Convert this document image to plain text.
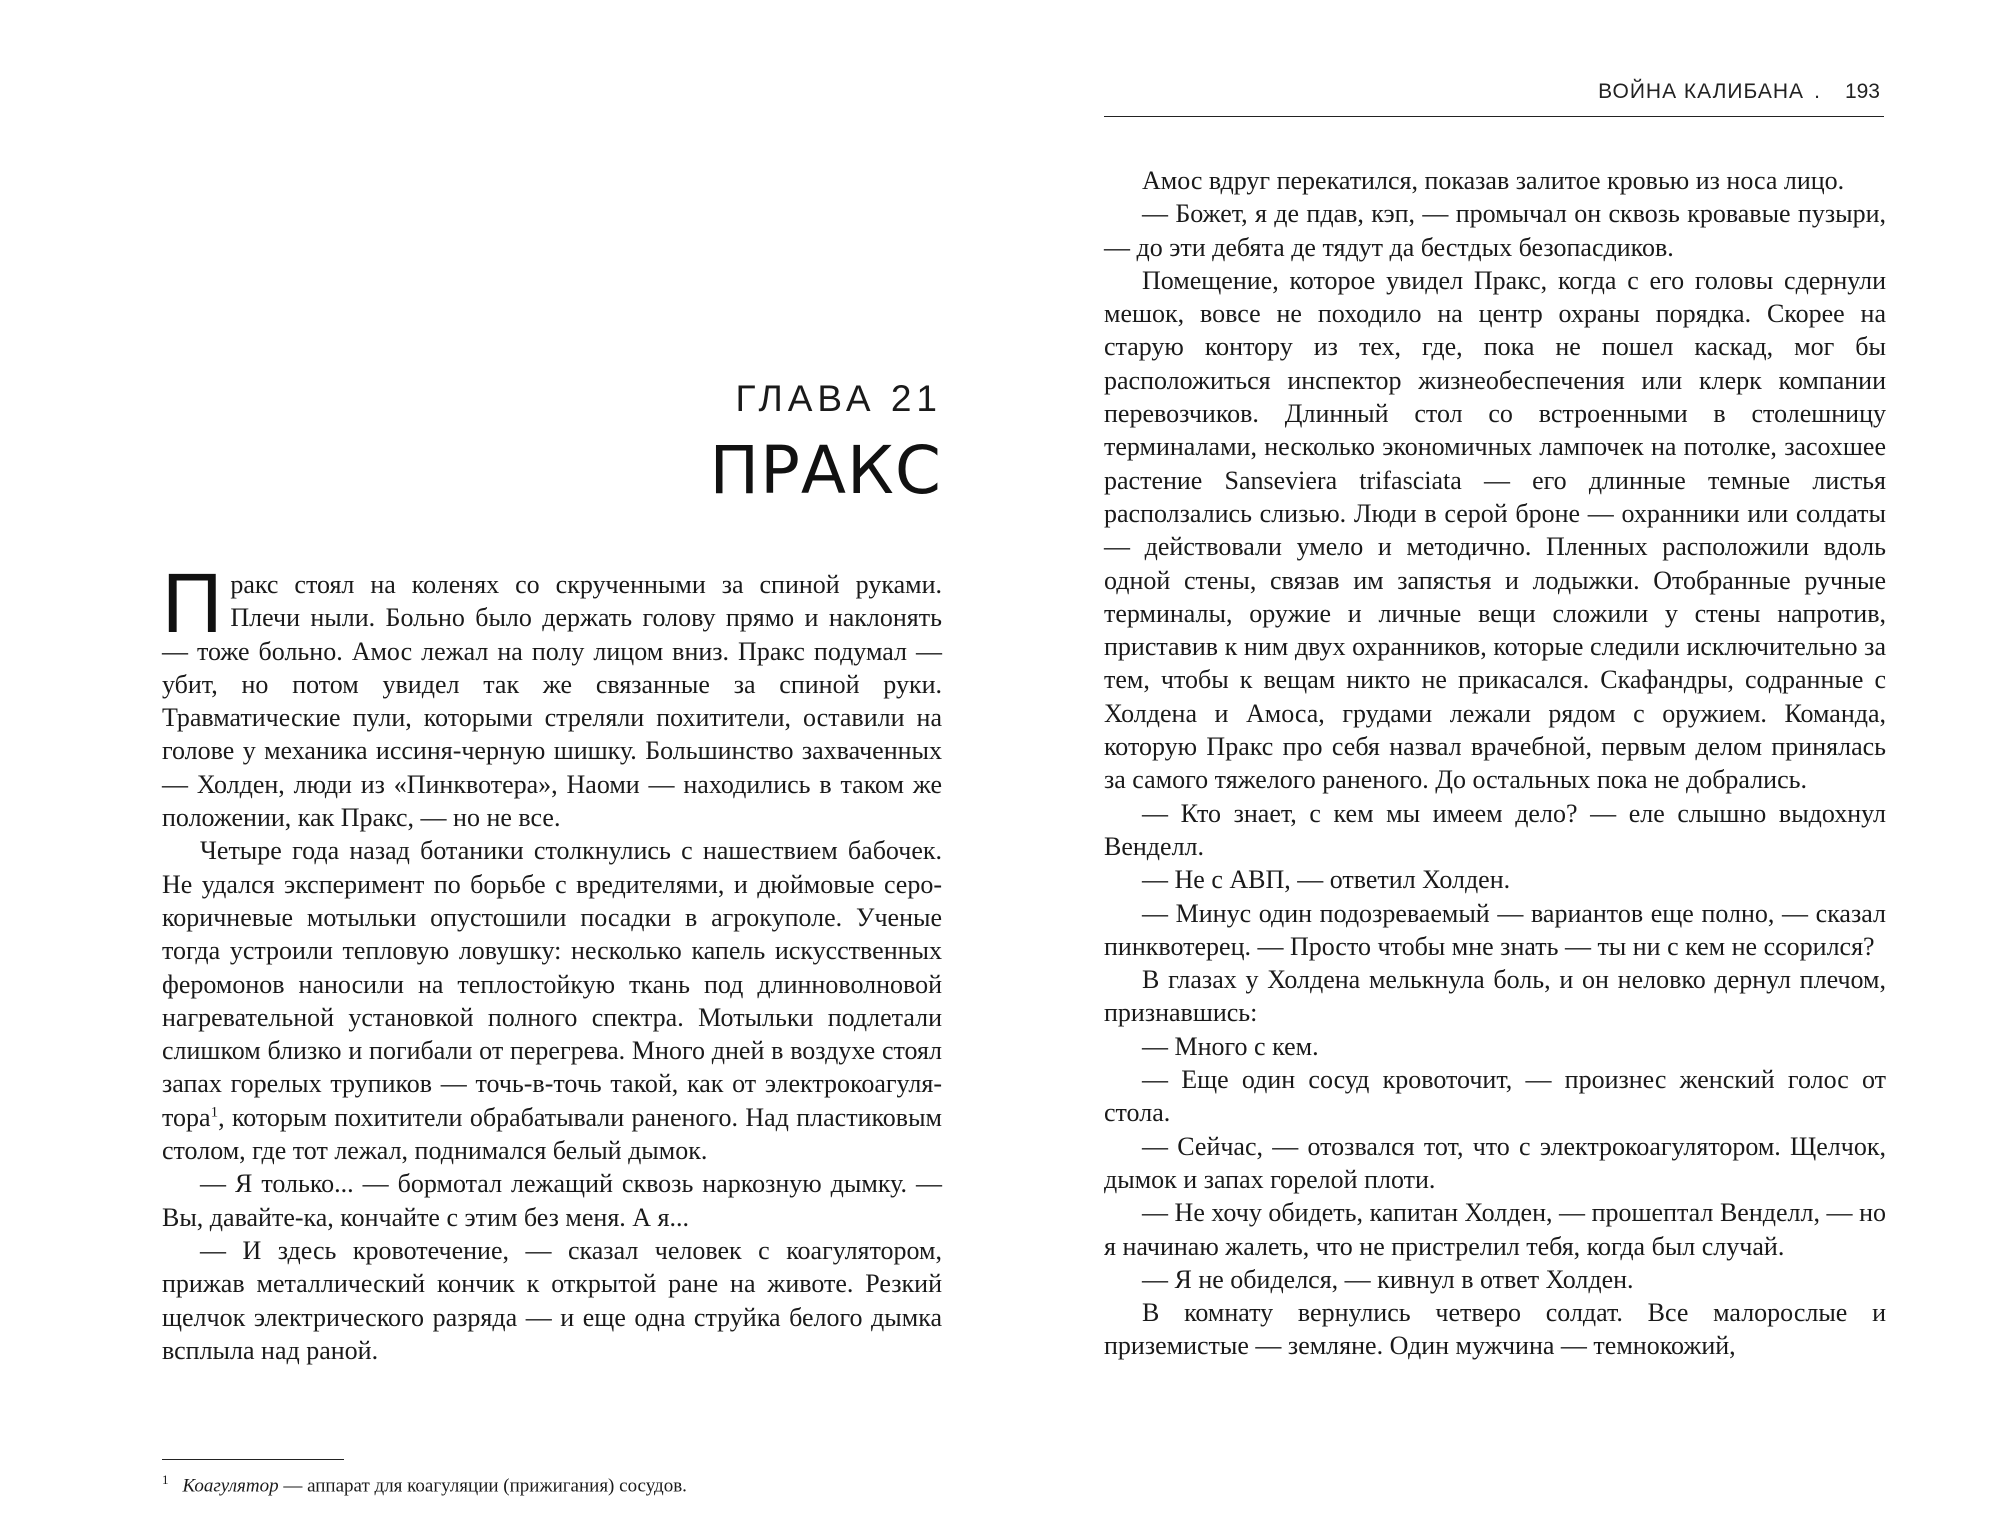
ГЛАВА 21
ПРАКС

Пракс стоял на коленях со скрученными за спиной руками. Плечи ныли. Больно было держать голову прямо и наклонять — тоже больно. Амос лежал на полу лицом вниз. Пракс подумал — убит, но потом увидел так же связанные за спиной руки. Травматические пули, которыми стреляли похитители, оставили на голове у механика иссиня-черную шишку. Большинство захваченных — Холден, люди из «Пинквотера», Наоми — находились в таком же положении, как Пракс, — но не все.

Четыре года назад ботаники столкнулись с нашествием бабочек. Не удался эксперимент по борьбе с вредителями, и дюймовые серо-коричневые мотыльки опустошили посадки в агрокуполе. Ученые тогда устроили тепловую ловушку: несколько капель искусственных феромонов наносили на теплостойкую ткань под длинноволновой нагревательной установкой полного спектра. Мотыльки подлетали слишком близко и погибали от перегрева. Много дней в воздухе стоял запах горелых трупиков — точь-в-точь такой, как от электрокоагулятора$^1$, которым похитители обрабатывали раненого. Над пластиковым столом, где тот лежал, поднимался белый дымок.

— Я только... — бормотал лежащий сквозь наркозную дымку. — Вы, давайте-ка, кончайте с этим без меня. А я...

— И здесь кровотечение, — сказал человек с коагулятором, прижав металлический кончик к открытой ране на животе. Резкий щелчок электрического разряда — и еще одна струйка белого дымка всплыла над раной.

$^1$ Коагулятор — аппарат для коагуляции (прижигания) сосудов.
ВОЙНА КАЛИБАНА . 193

Амос вдруг перекатился, показав залитое кровью из носа лицо.

— Божет, я де пдав, кэп, — промычал он сквозь кровавые пузыри, — до эти дебята де тядут да бестдых безопасдиков.

Помещение, которое увидел Пракс, когда с его головы сдернули мешок, вовсе не походило на центр охраны порядка. Скорее на старую контору из тех, где, пока не пошел каскад, мог бы расположиться инспектор жизнеобеспечения или клерк компании перевозчиков. Длинный стол со встроенными в столешницу терминалами, несколько экономичных лампочек на потолке, засохшее растение Sanseviera trifasciata — его длинные темные листья расползались слизью. Люди в серой броне — охранники или солдаты — действовали умело и методично. Пленных расположили вдоль одной стены, связав им запястья и лодыжки. Отобранные ручные терминалы, оружие и личные вещи сложили у стены напротив, приставив к ним двух охранников, которые следили исключительно за тем, чтобы к вещам никто не прикасался. Скафандры, содранные с Холдена и Амоса, грудами лежали рядом с оружием. Команда, которую Пракс про себя назвал врачебной, первым делом принялась за самого тяжелого раненого. До остальных пока не добрались.

— Кто знает, с кем мы имеем дело? — еле слышно выдохнул Венделл.

— Не с АВП, — ответил Холден.

— Минус один подозреваемый — вариантов еще полно, — сказал пинквотерец. — Просто чтобы мне знать — ты ни с кем не ссорился?

В глазах у Холдена мелькнула боль, и он неловко дернул плечом, признавшись:

— Много с кем.

— Еще один сосуд кровоточит, — произнес женский голос от стола.

— Сейчас, — отозвался тот, что с электрокоагулятором. Щелчок, дымок и запах горелой плоти.

— Не хочу обидеть, капитан Холден, — прошептал Венделл, — но я начинаю жалеть, что не пристрелил тебя, когда был случай.

— Я не обиделся, — кивнул в ответ Холден.

В комнату вернулись четверо солдат. Все малорослые и приземистые — земляне. Один мужчина — темнокожий,
